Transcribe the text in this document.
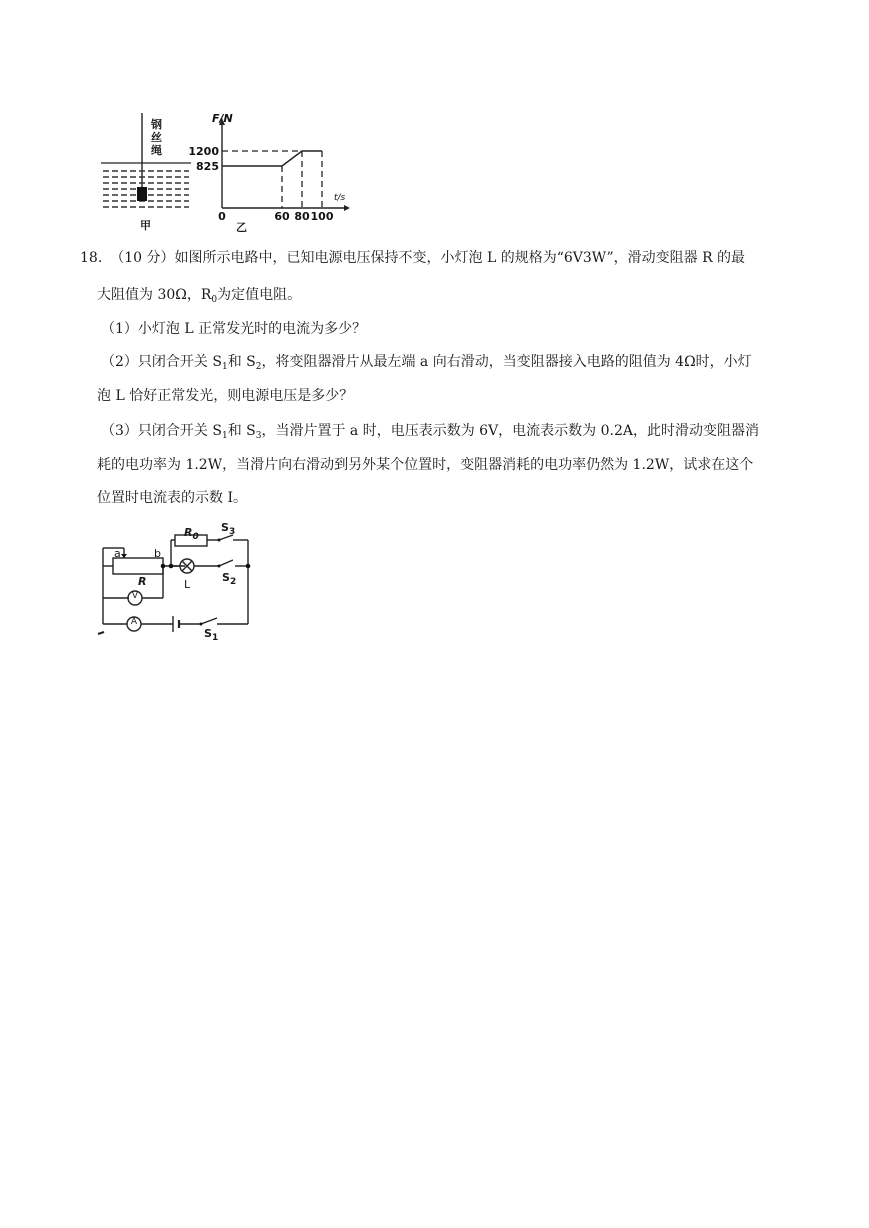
钢丝绳
甲
F/N
t/s
825
1200
0	60 80 100
乙
18. （10 分）如图所示电路中，已知电源电压保持不变，小灯泡 L 的规格为“6V3W”，滑动变阻器 R 的最
大阻值为 30Ω，$R_0$为定值电阻。
（1）小灯泡 L 正常发光时的电流为多少？
（2）只闭合开关 $S_1$和 $S_2$，将变阻器滑片从最左端 a 向右滑动，当变阻器接入电路的阻值为 4Ω时，小灯
泡 L 恰好正常发光，则电源电压是多少？
（3）只闭合开关 $S_1$和 $S_3$，当滑片置于 a 时，电压表示数为 6V，电流表示数为 0.2A，此时滑动变阻器消
耗的电功率为 1.2W，当滑片向右滑动到另外某个位置时，变阻器消耗的电功率仍然为 1.2W，试求在这个
位置时电流表的示数 I。
$R_0$
$S_3$
a	b
R	L
$S_2$
V
A
$S_1$
